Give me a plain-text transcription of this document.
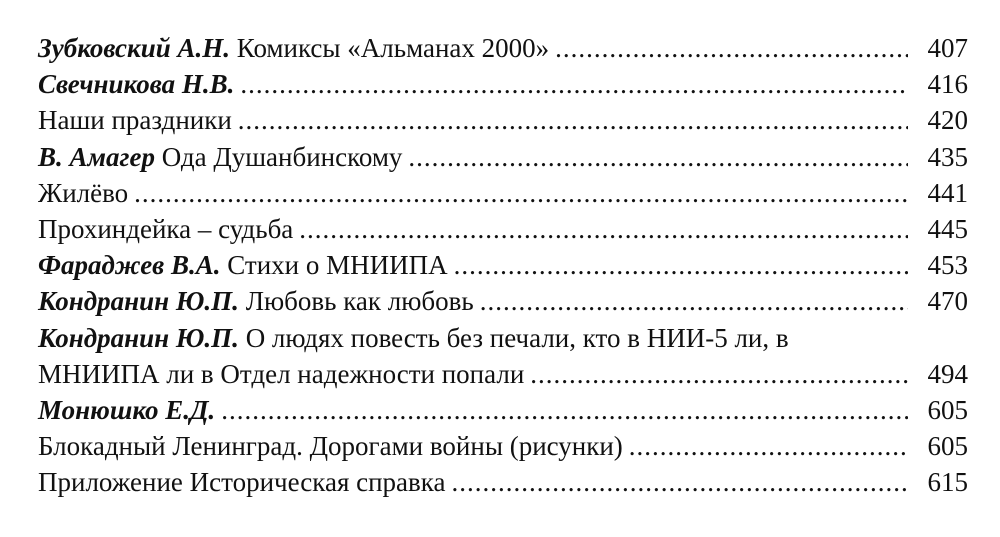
Зубковский А.Н. Комиксы «Альманах 2000» .....	407
Свечникова Н.В. .....	416
Наши праздники .....	420
В. Амагер Ода Душанбинскому .....	435
Жилёво .....	441
Прохиндейка – судьба .....	445
Фараджев В.А. Стихи о МНИИПА .....	453
Кондранин Ю.П. Любовь как любовь .....	470
Кондранин Ю.П. О людях повесть без печали, кто в НИИ-5 ли, в
МНИИПА ли в Отдел надежности попали .....	494
Монюшко Е.Д. .....	605
Блокадный Ленинград. Дорогами войны (рисунки) .....	605
Приложение Историческая справка .....	615
